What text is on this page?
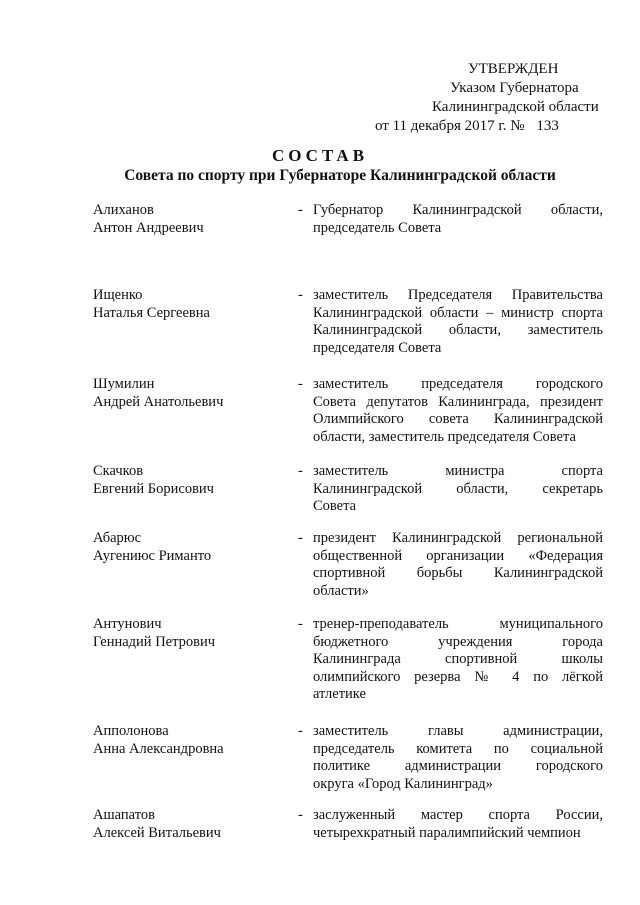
УТВЕРЖДЕН
Указом Губернатора
Калининградской области
от 11 декабря 2017 г. № 133
СОСТАВ
Совета по спорту при Губернаторе Калининградской области
Алиханов
Антон Андреевич
- Губернатор Калининградской области,
председатель Совета
Ищенко
Наталья Сергеевна
- заместитель Председателя Правительства
Калининградской области – министр спорта
Калининградской области, заместитель
председателя Совета
Шумилин
Андрей Анатольевич
- заместитель председателя городского
Совета депутатов Калининграда, президент
Олимпийского совета Калининградской
области, заместитель председателя Совета
Скачков
Евгений Борисович
- заместитель министра спорта
Калининградской области, секретарь
Совета
Абарюс
Аугениюс Риманто
- президент Калининградской региональной
общественной организации «Федерация
спортивной борьбы Калининградской
области»
Антунович
Геннадий Петрович
- тренер-преподаватель муниципального
бюджетного учреждения города
Калининграда спортивной школы
олимпийского резерва № 4 по лёгкой
атлетике
Апполонова
Анна Александровна
- заместитель главы администрации,
председатель комитета по социальной
политике администрации городского
округа «Город Калининград»
Ашапатов
Алексей Витальевич
- заслуженный мастер спорта России,
четырехкратный паралимпийский чемпион
